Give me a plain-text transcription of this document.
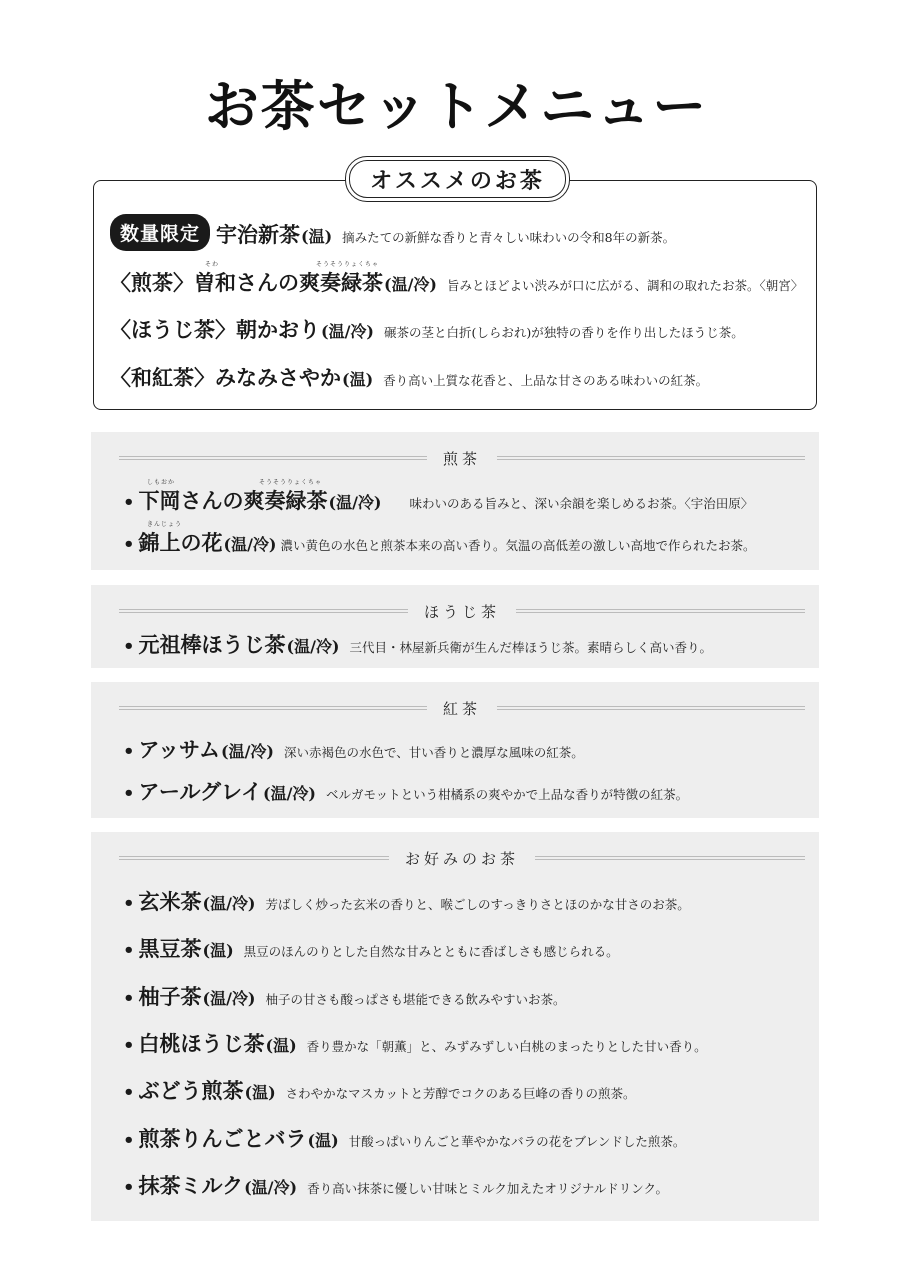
お茶セットメニュー
オススメのお茶
数量限定 宇治新茶 (温) 摘みたての新鮮な香りと青々しい味わいの令和8年の新茶。
そわ	そうそうりょくちゃ
〈煎茶〉曽和さんの爽奏緑茶 (温/冷) 旨みとほどよい渋みが口に広がる、調和の取れたお茶。〈朝宮〉
〈ほうじ茶〉朝かおり (温/冷) 碾茶の茎と白折(しらおれ)が独特の香りを作り出したほうじ茶。
〈和紅茶〉みなみさやか (温) 香り高い上質な花香と、上品な甘さのある味わいの紅茶。
煎茶
しもおか	そうそうりょくちゃ
• 下岡さんの爽奏緑茶 (温/冷) 味わいのある旨みと、深い余韻を楽しめるお茶。〈宇治田原〉
きんじょう
• 錦上の花 (温/冷) 濃い黄色の水色と煎茶本来の高い香り。気温の高低差の激しい高地で作られたお茶。
ほうじ茶
• 元祖棒ほうじ茶 (温/冷) 三代目・林屋新兵衛が生んだ棒ほうじ茶。素晴らしく高い香り。
紅茶
• アッサム (温/冷) 深い赤褐色の水色で、甘い香りと濃厚な風味の紅茶。
• アールグレイ (温/冷) ベルガモットという柑橘系の爽やかで上品な香りが特徴の紅茶。
お好みのお茶
• 玄米茶 (温/冷) 芳ばしく炒った玄米の香りと、喉ごしのすっきりさとほのかな甘さのお茶。
• 黒豆茶 (温) 黒豆のほんのりとした自然な甘みとともに香ばしさも感じられる。
• 柚子茶 (温/冷) 柚子の甘さも酸っぱさも堪能できる飲みやすいお茶。
• 白桃ほうじ茶 (温) 香り豊かな「朝薫」と、みずみずしい白桃のまったりとした甘い香り。
• ぶどう煎茶 (温) さわやかなマスカットと芳醇でコクのある巨峰の香りの煎茶。
• 煎茶りんごとバラ (温) 甘酸っぱいりんごと華やかなバラの花をブレンドした煎茶。
• 抹茶ミルク (温/冷) 香り高い抹茶に優しい甘味とミルク加えたオリジナルドリンク。
